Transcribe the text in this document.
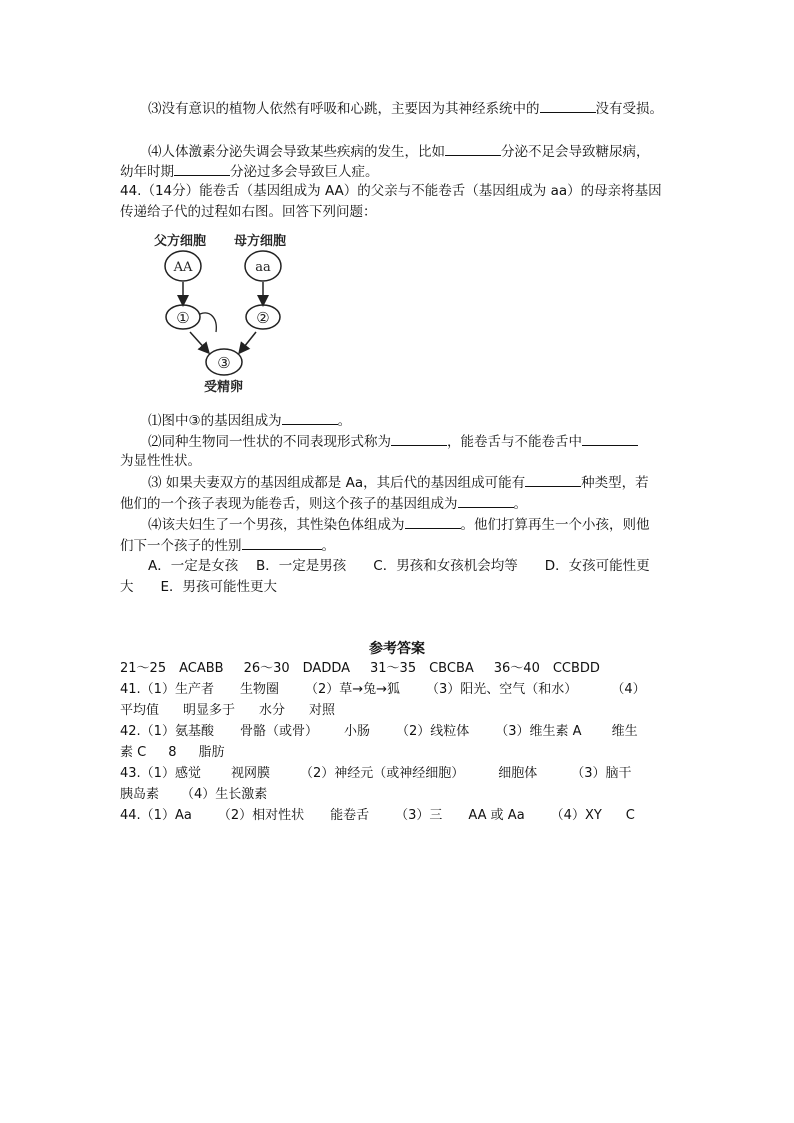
⑶没有意识的植物人依然有呼吸和心跳，主要因为其神经系统中的	没有受损。
⑷人体激素分泌失调会导致某些疾病的发生，比如	分泌不足会导致糖尿病，
幼年时期	分泌过多会导致巨人症。
44.（14分）能卷舌（基因组成为 AA）的父亲与不能卷舌（基因组成为 aa）的母亲将基因
传递给子代的过程如右图。回答下列问题：
父方细胞 母方细胞
AA	aa
①	②
③
受精卵
⑴图中③的基因组成为	。
⑵同种生物同一性状的不同表现形式称为	，能卷舌与不能卷舌中
为显性性状。
⑶ 如果夫妻双方的基因组成都是 Aa，其后代的基因组成可能有	种类型，若
他们的一个孩子表现为能卷舌，则这个孩子的基因组成为	。
⑷该夫妇生了一个男孩，其性染色体组成为	。他们打算再生一个小孩，则他
们下一个孩子的性别	。
A．一定是女孩　 B．一定是男孩　　C．男孩和女孩机会均等　　D．女孩可能性更
大　　E．男孩可能性更大
参考答案
21～25　ACABB 26～30　DADDA 31～35　CBCBA 36～40　CCBDD
41.（1）生产者 生物圈 （2）草→兔→狐 （3）阳光、空气（和水）	（4）
平均值 明显多于 水分 对照
42.（1）氨基酸 骨骼（或骨） 小肠 （2）线粒体 （3）维生素 A 维生
素 C 8 脂肪
43.（1）感觉 视网膜 （2）神经元（或神经细胞）	细胞体	（3）脑干
胰岛素 （4）生长激素
44.（1）Aa （2）相对性状 能卷舌 （3）三 AA 或 Aa （4）XY C
